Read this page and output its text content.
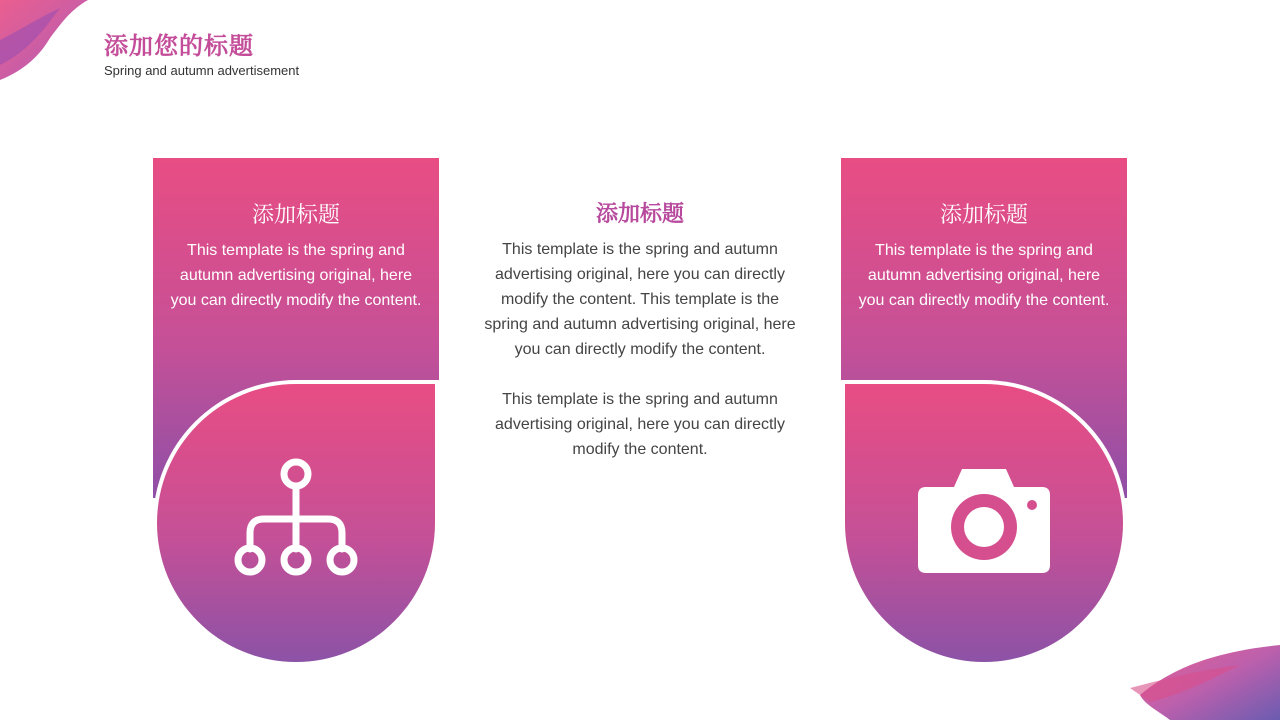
添加您的标题
Spring and autumn advertisement
添加标题
This template is the spring and autumn advertising original, here you can directly modify the content.
添加标题

This template is the spring and autumn advertising original, here you can directly modify the content. This template is the spring and autumn advertising original, here you can directly modify the content.

This template is the spring and autumn advertising original, here you can directly modify the content.

添加标题
This template is the spring and autumn advertising original, here you can directly modify the content.
